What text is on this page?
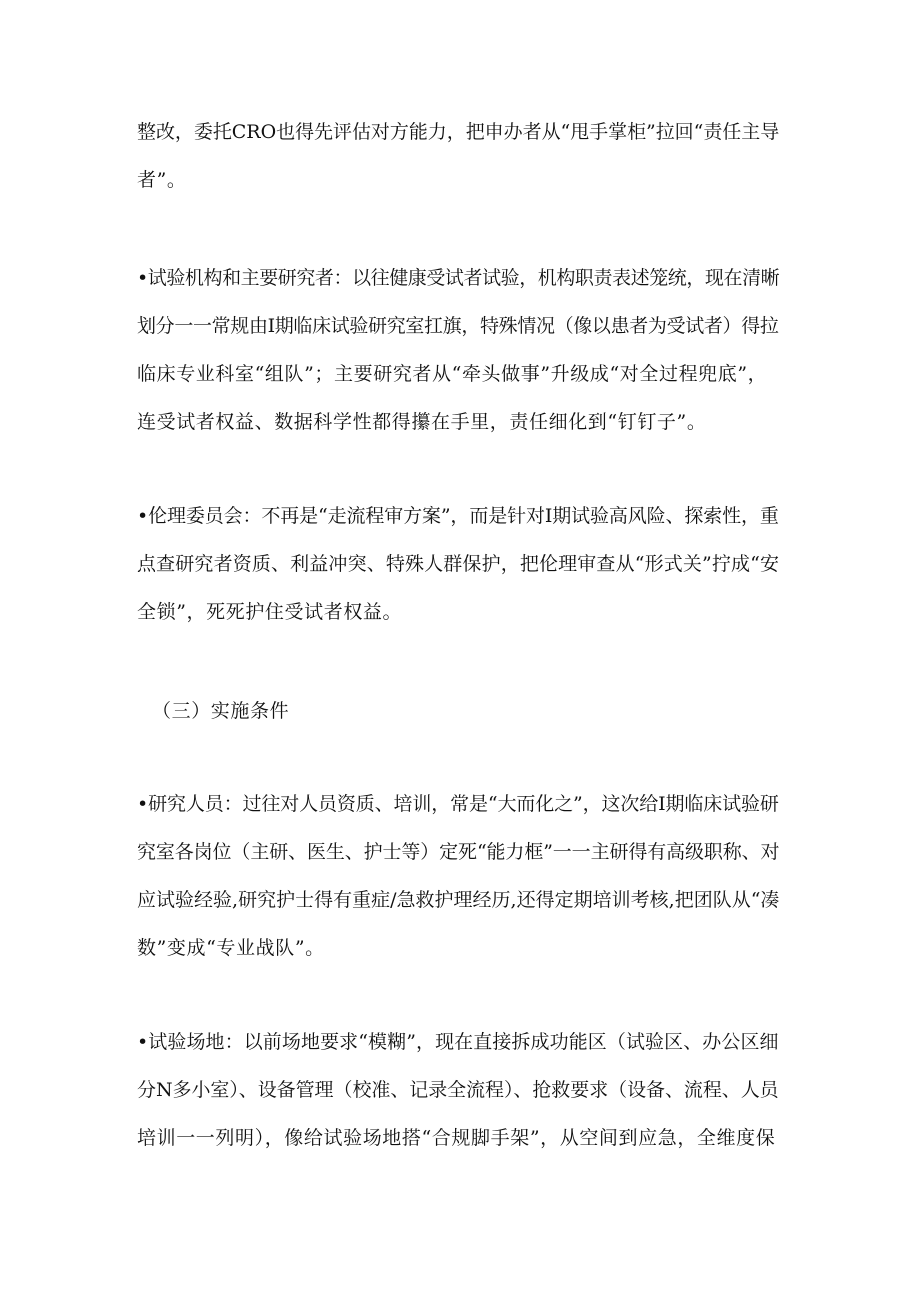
整改，委托CRO也得先评估对方能力，把申办者从“甩手掌柜”拉回“责任主导
者”。
•试验机构和主要研究者：以往健康受试者试验，机构职责表述笼统，现在清晰
划分一一常规由I期临床试验研究室扛旗，特殊情况（像以患者为受试者）得拉
临床专业科室“组队”；主要研究者从“牵头做事”升级成“对全过程兜底”，
连受试者权益、数据科学性都得攥在手里，责任细化到“钉钉子”。
•伦理委员会：不再是“走流程审方案”，而是针对I期试验高风险、探索性，重
点查研究者资质、利益冲突、特殊人群保护，把伦理审查从“形式关”拧成“安
全锁”，死死护住受试者权益。
（三）实施条件
•研究人员：过往对人员资质、培训，常是“大而化之”，这次给I期临床试验研
究室各岗位（主研、医生、护士等）定死“能力框”一一主研得有高级职称、对
应试验经验,研究护士得有重症/急救护理经历,还得定期培训考核,把团队从“凑
数”变成“专业战队”。
•试验场地：以前场地要求“模糊”，现在直接拆成功能区（试验区、办公区细
分N多小室）、设备管理（校准、记录全流程）、抢救要求（设备、流程、人员
培训一一列明），像给试验场地搭“合规脚手架”，从空间到应急，全维度保
